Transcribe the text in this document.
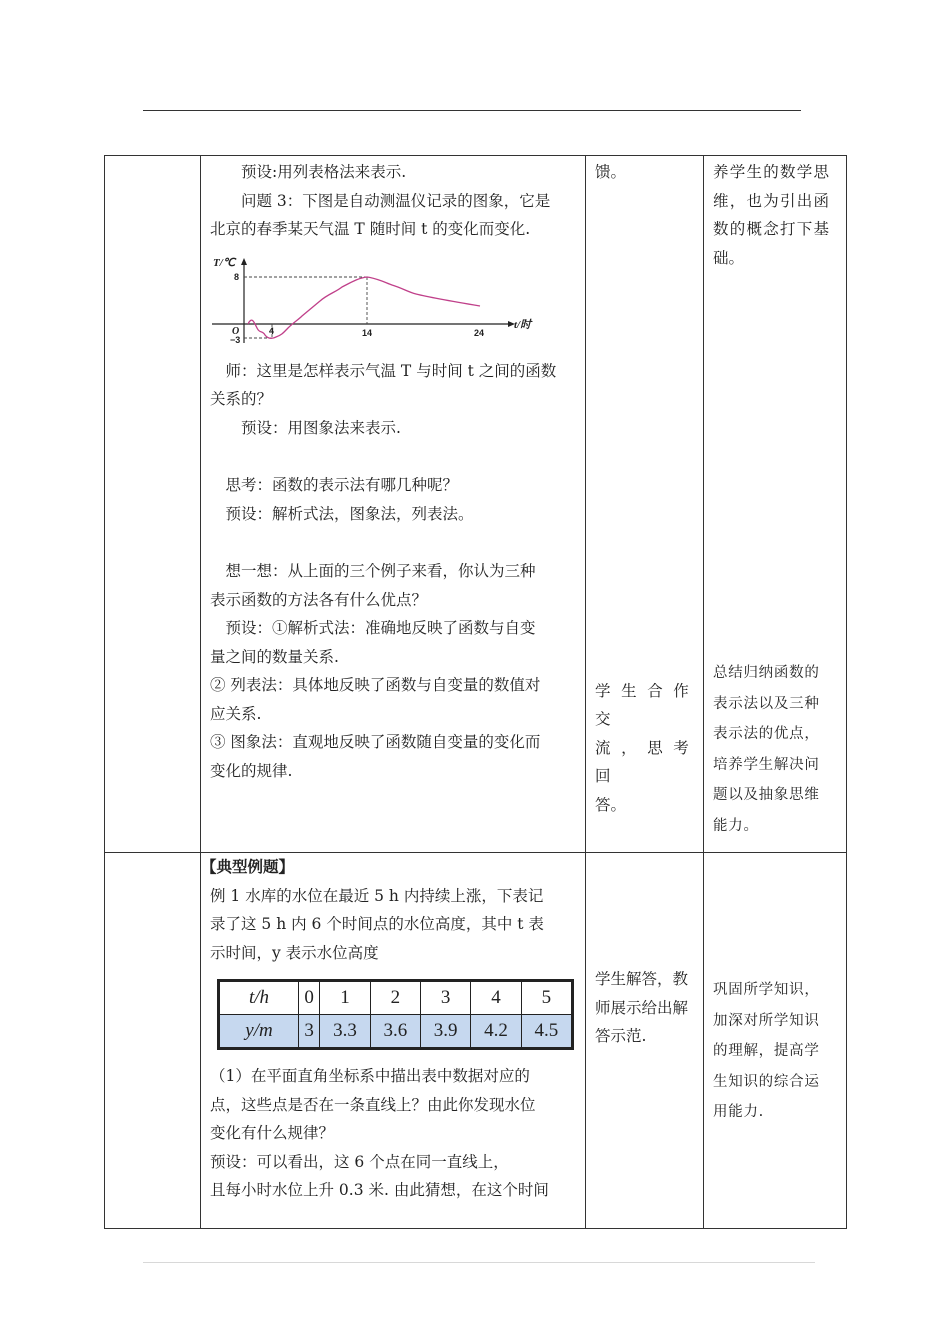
预设:用列表格法来表示.

问题 3：下图是自动测温仪记录的图象，它是

北京的春季某天气温 T 随时间 t 的变化而变化.

T/℃
t/时
O
8
−3
4	14	24

师：这里是怎样表示气温 T 与时间 t 之间的函数

关系的？

预设：用图象法来表示.

思考：函数的表示法有哪几种呢？

预设：解析式法，图象法，列表法。

想一想：从上面的三个例子来看，你认为三种

表示函数的方法各有什么优点？

预设：①解析式法：准确地反映了函数与自变

量之间的数量关系.

② 列表法：具体地反映了函数与自变量的数值对

应关系.

③ 图象法：直观地反映了函数随自变量的变化而

变化的规律.

馈。

学生合作交

流，思考回

答。

养学生的数学思

维，也为引出函

数的概念打下基

础。

总结归纳函数的

表示法以及三种

表示法的优点，

培养学生解决问

题以及抽象思维

能力。

【典型例题】

例 1 水库的水位在最近 5 h 内持续上涨，下表记

录了这 5 h 内 6 个时间点的水位高度，其中 t 表

示时间，y 表示水位高度

t/h	0	1	2	3	4	5
y/m	3	3.3	3.6	3.9	4.2	4.5

（1）在平面直角坐标系中描出表中数据对应的

点，这些点是否在一条直线上？由此你发现水位

变化有什么规律？

预设：可以看出，这 6 个点在同一直线上，

且每小时水位上升 0.3 米. 由此猜想，在这个时间

学生解答，教

师展示给出解

答示范.

巩固所学知识，

加深对所学知识

的理解，提高学

生知识的综合运

用能力.
